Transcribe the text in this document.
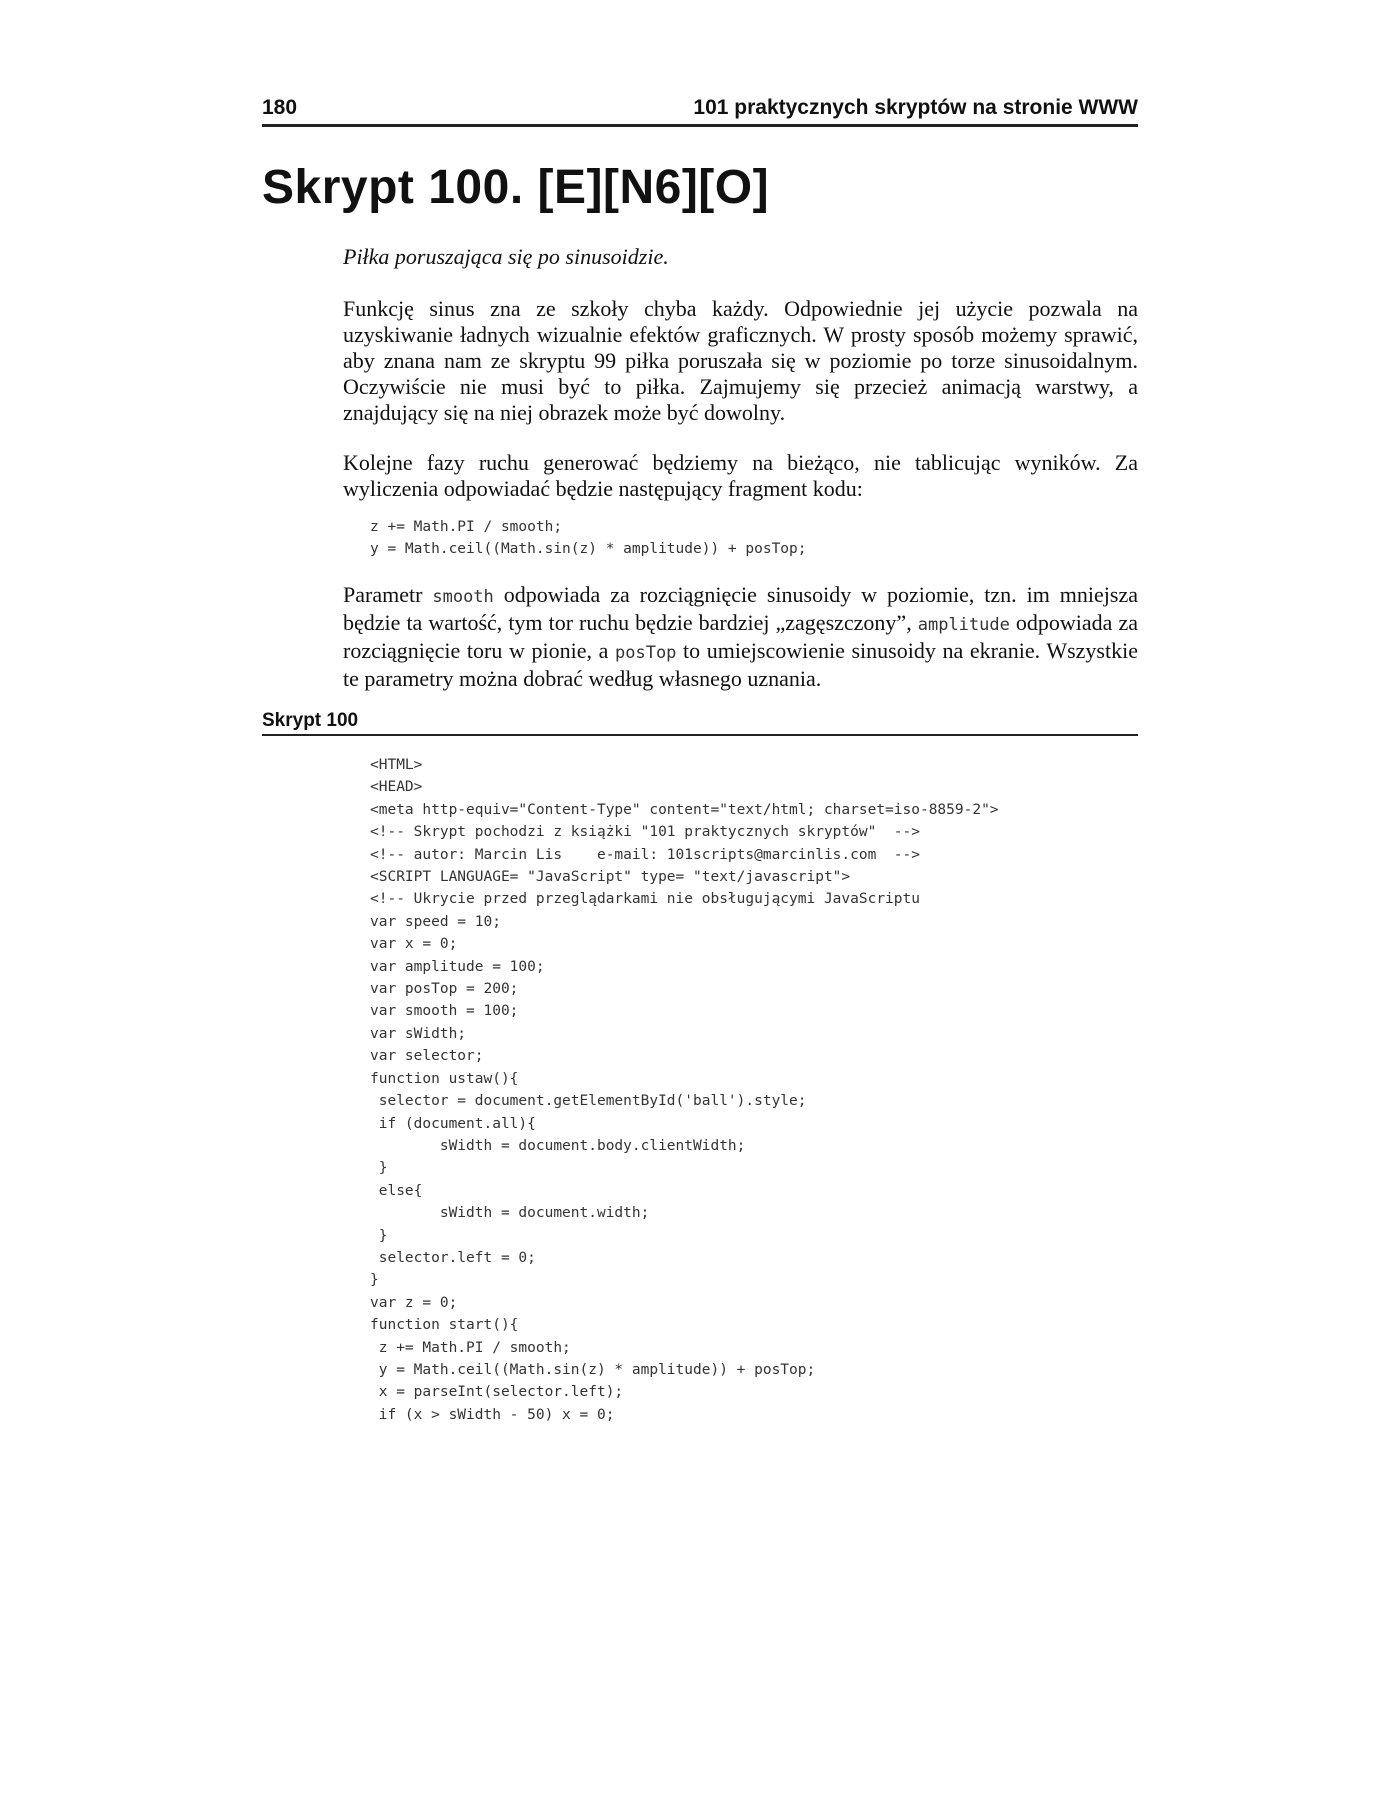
180	101 praktycznych skryptów na stronie WWW
Skrypt 100. [E][N6][O]

Piłka poruszająca się po sinusoidzie.

Funkcję sinus zna ze szkoły chyba każdy. Odpowiednie jej użycie pozwala na uzyskiwanie ładnych wizualnie efektów graficznych. W prosty sposób możemy sprawić, aby znana nam ze skryptu 99 piłka poruszała się w poziomie po torze sinusoidalnym. Oczywiście nie musi być to piłka. Zajmujemy się przecież animacją warstwy, a znajdujący się na niej obrazek może być dowolny.

Kolejne fazy ruchu generować będziemy na bieżąco, nie tablicując wyników. Za wyliczenia odpowiadać będzie następujący fragment kodu:

z += Math.PI / smooth;
y = Math.ceil((Math.sin(z) * amplitude)) + posTop;

Parametr smooth odpowiada za rozciągnięcie sinusoidy w poziomie, tzn. im mniejsza będzie ta wartość, tym tor ruchu będzie bardziej „zagęszczony”, amplitude odpowiada za rozciągnięcie toru w pionie, a posTop to umiejscowienie sinusoidy na ekranie. Wszystkie te parametry można dobrać według własnego uznania.

Skrypt 100
<HTML>
<HEAD>
<meta http-equiv="Content-Type" content="text/html; charset=iso-8859-2">
<!-- Skrypt pochodzi z książki "101 praktycznych skryptów"  -->
<!-- autor: Marcin Lis    e-mail: 101scripts@marcinlis.com  -->
<SCRIPT LANGUAGE= "JavaScript" type= "text/javascript">
<!-- Ukrycie przed przeglądarkami nie obsługującymi JavaScriptu
var speed = 10;
var x = 0;
var amplitude = 100;
var posTop = 200;
var smooth = 100;
var sWidth;
var selector;
function ustaw(){
selector = document.getElementById('ball').style;
if (document.all){
sWidth = document.body.clientWidth;
}
else{
sWidth = document.width;
}
selector.left = 0;
}
var z = 0;
function start(){
z += Math.PI / smooth;
y = Math.ceil((Math.sin(z) * amplitude)) + posTop;
x = parseInt(selector.left);
if (x > sWidth - 50) x = 0;
